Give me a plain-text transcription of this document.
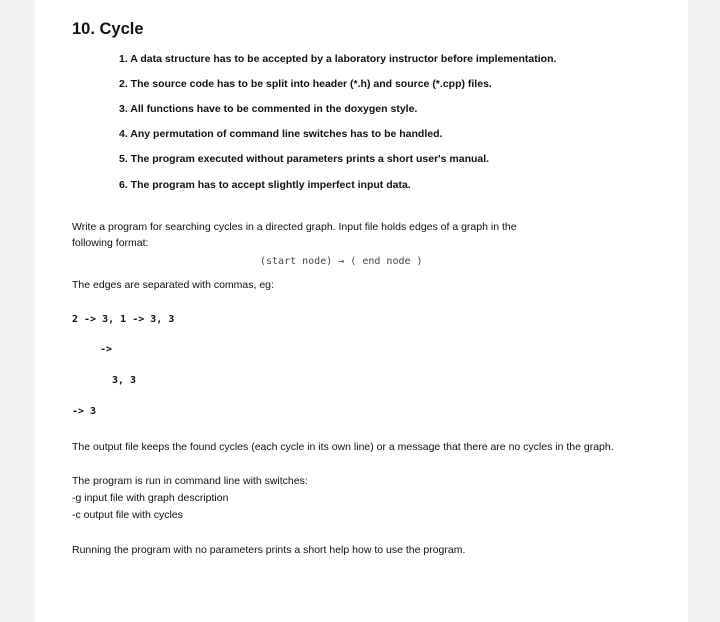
10. Cycle
1. A data structure has to be accepted by a laboratory instructor before implementation.
2. The source code has to be split into header (*.h) and source (*.cpp) files.
3. All functions have to be commented in the doxygen style.
4. Any permutation of command line switches has to be handled.
5. The program executed without parameters prints a short user's manual.
6. The program has to accept slightly imperfect input data.
Write a program for searching cycles in a directed graph. Input file holds edges of a graph in the
following format:
(start node) → ( end node )
The edges are separated with commas, eg:
2 -> 3, 1 -> 3, 3
->
3, 3
-> 3
The output file keeps the found cycles (each cycle in its own line) or a message that there are no cycles in the graph.
The program is run in command line with switches:
-g input file with graph description
-c output file with cycles
Running the program with no parameters prints a short help how to use the program.
